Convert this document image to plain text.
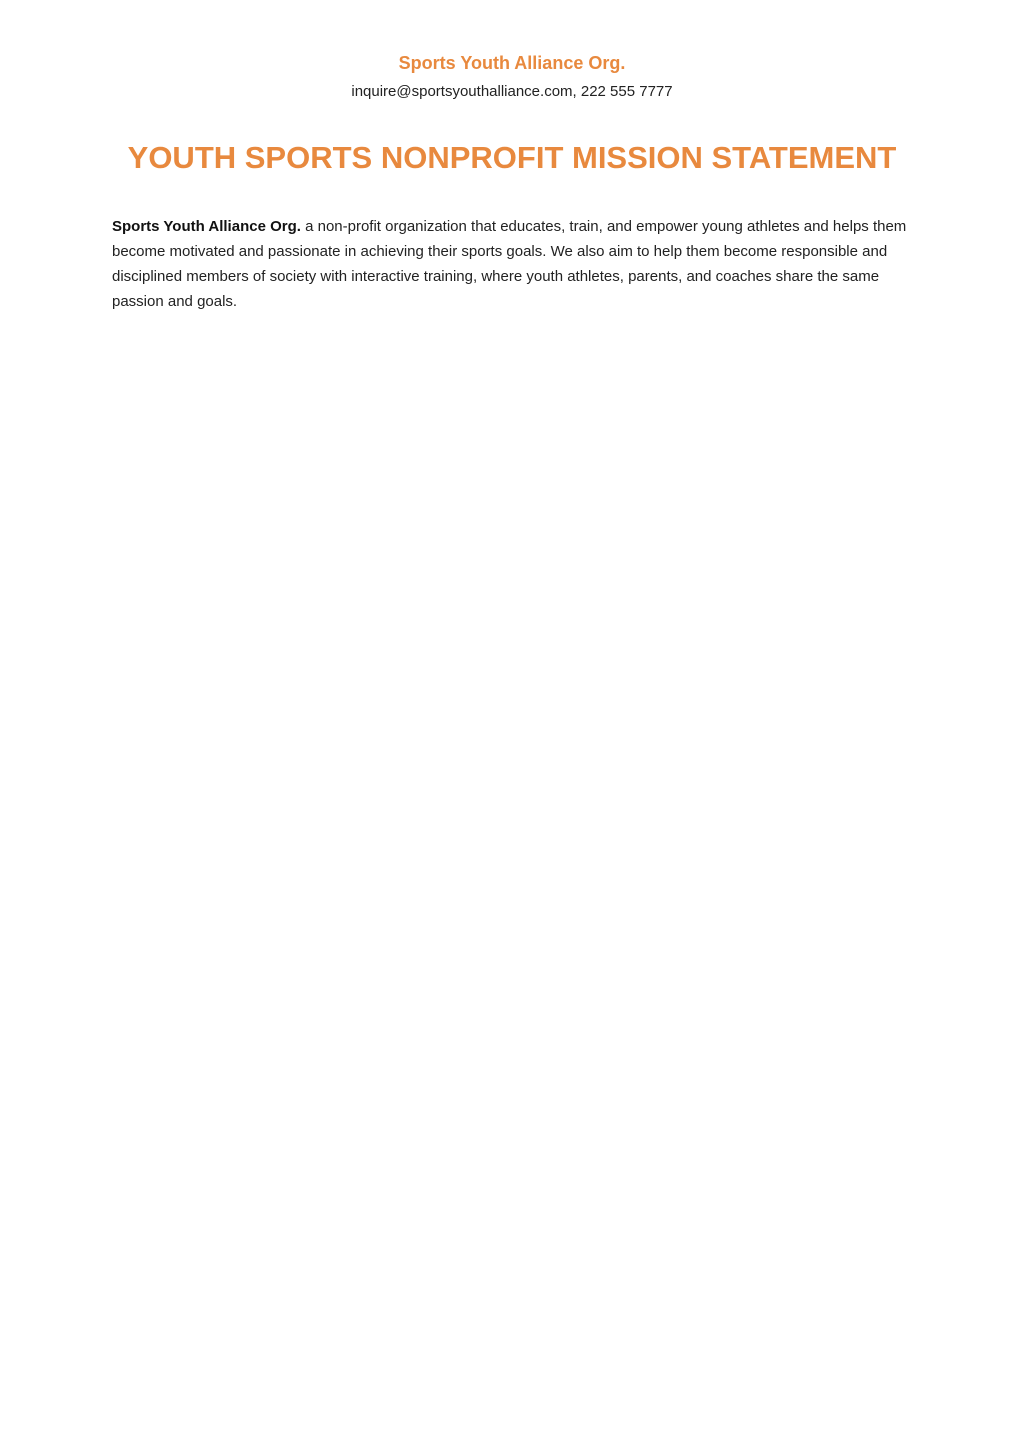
Sports Youth Alliance Org.
inquire@sportsyouthalliance.com, 222 555 7777
YOUTH SPORTS NONPROFIT MISSION STATEMENT

Sports Youth Alliance Org. a non-profit organization that educates, train, and empower young athletes and helps them become motivated and passionate in achieving their sports goals. We also aim to help them become responsible and disciplined members of society with interactive training, where youth athletes, parents, and coaches share the same passion and goals.
